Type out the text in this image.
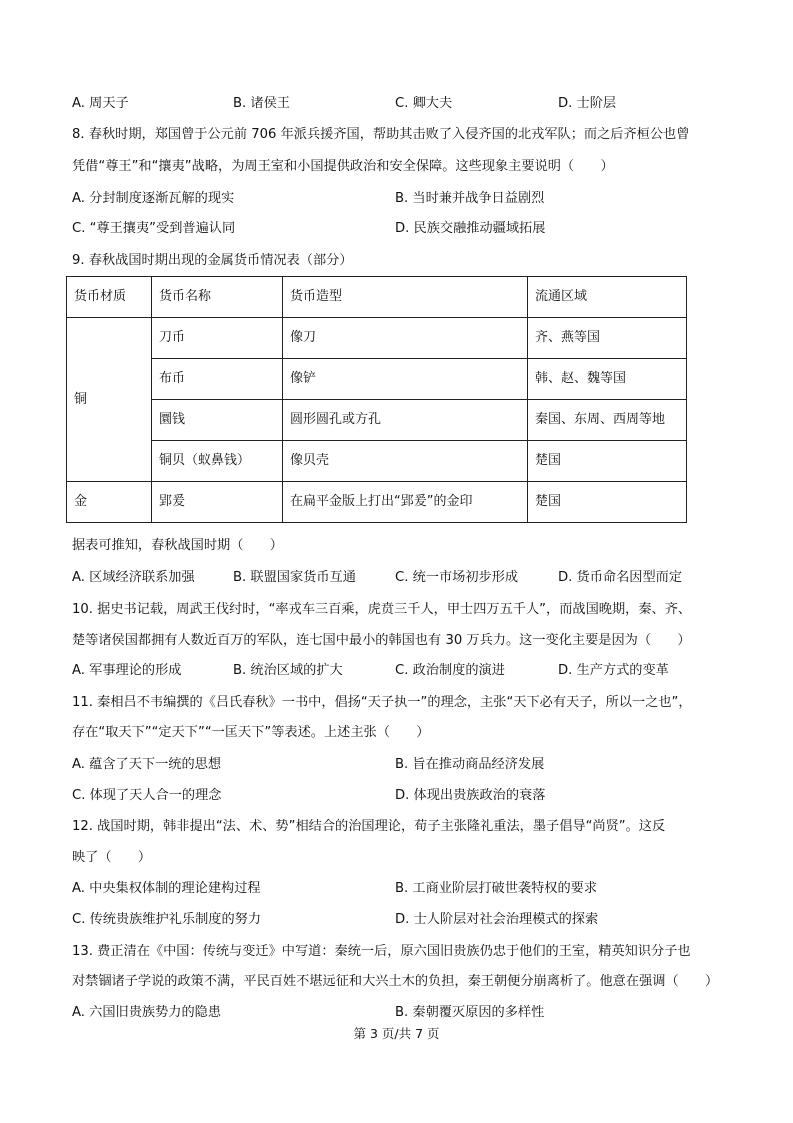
A. 周天子	B. 诸侯王	C. 卿大夫	D. 士阶层
8. 春秋时期，郑国曾于公元前 706 年派兵援齐国，帮助其击败了入侵齐国的北戎军队；而之后齐桓公也曾
凭借“尊王”和“攘夷”战略，为周王室和小国提供政治和安全保障。这些现象主要说明（　　）
A. 分封制度逐渐瓦解的现实	B. 当时兼并战争日益剧烈
C. “尊王攘夷”受到普遍认同	D. 民族交融推动疆域拓展
9. 春秋战国时期出现的金属货币情况表（部分）
货币材质	货币名称	货币造型	流通区域
铜	刀币	像刀	齐、燕等国
	布币	像铲	韩、赵、魏等国
	圜钱	圆形圆孔或方孔	秦国、东周、西周等地
	铜贝（蚁鼻钱）	像贝壳	楚国
金	郢爰	在扁平金版上打出“郢爰”的金印	楚国
据表可推知，春秋战国时期（　　）
A. 区域经济联系加强	B. 联盟国家货币互通	C. 统一市场初步形成	D. 货币命名因型而定
10. 据史书记载，周武王伐纣时，“率戎车三百乘，虎贲三千人，甲士四万五千人”，而战国晚期，秦、齐、
楚等诸侯国都拥有人数近百万的军队，连七国中最小的韩国也有 30 万兵力。这一变化主要是因为（　　）
A. 军事理论的形成	B. 统治区域的扩大	C. 政治制度的演进	D. 生产方式的变革
11. 秦相吕不韦编撰的《吕氏春秋》一书中，倡扬“天子执一”的理念，主张“天下必有天子，所以一之也”，
存在“取天下”“定天下”“一匡天下”等表述。上述主张（　　）
A. 蕴含了天下一统的思想	B. 旨在推动商品经济发展
C. 体现了天人合一的理念	D. 体现出贵族政治的衰落
12. 战国时期，韩非提出“法、术、势”相结合的治国理论，荀子主张隆礼重法，墨子倡导“尚贤”。这反
映了（　　）
A. 中央集权体制的理论建构过程	B. 工商业阶层打破世袭特权的要求
C. 传统贵族维护礼乐制度的努力	D. 士人阶层对社会治理模式的探索
13. 费正清在《中国：传统与变迁》中写道：秦统一后，原六国旧贵族仍忠于他们的王室，精英知识分子也
对禁锢诸子学说的政策不满，平民百姓不堪远征和大兴土木的负担，秦王朝便分崩离析了。他意在强调（　　）
A. 六国旧贵族势力的隐患	B. 秦朝覆灭原因的多样性
第 3 页/共 7 页
